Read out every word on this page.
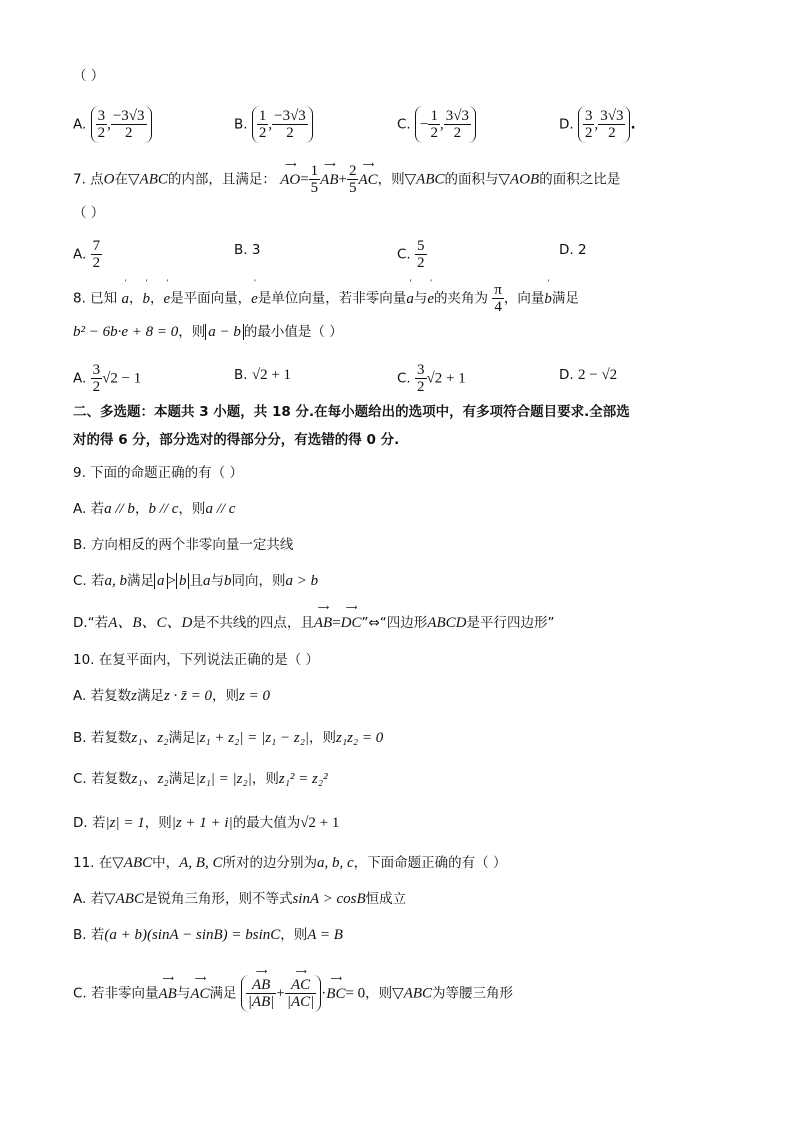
（ ）
A. $\frac{3}{2}$ , $\frac{-3√3}{2}$	B. $\frac{1}{2}$ , $\frac{-3√3}{2}$	C. − $\frac{1}{2}$ , $\frac{3√3}{2}$	D. $\frac{3}{2}$ , $\frac{3√3}{2}$ .
7. 点O在▽ABC的内部，且满足：
⟶
$AO= \frac{1}{5}$ ⟶
$AB+ \frac{2}{5}$ ⟶
AC，则▽ABC的面积与▽AOB的面积之比是
（ ）
A. $\frac{7}{2}$	B. 3	C. $\frac{5}{2}$	D. 2
8. 已知
ʹ
a，
ʹ
b，
ʹ
e是平面向量，
ʹ
e是单位向量，若非零向量
ʹ
a与
ʹ
e的夹角为 $\frac{\pi}{4}$ ，向量
ʹ
b满足
b² − 6b·e + 8 = 0，则 a − b 的最小值是（ ）
A. $\frac{3}{2} √2 - 1$	B. √2 + 1	C. $\frac{3}{2} √2 + 1$	D. 2 − √2
二、多选题：本题共 3 小题，共 18 分.在每小题给出的选项中，有多项符合题目要求.全部选
对的得 6 分，部分选对的得部分分，有选错的得 0 分.
9. 下面的命题正确的有（ ）
A. 若a // b，b // c，则a // c
B. 方向相反的两个非零向量一定共线
C. 若a, b满足 a > b 且a与b同向，则a > b
D.“若A、B、C、D是不共线的四点，且
⟶
AB=
⟶
DC”⇔“四边形ABCD是平行四边形”
10. 在复平面内，下列说法正确的是（ ）
A. 若复数z满足z · z̄ = 0，则z = 0
B. 若复数z₁、z₂满足|z₁ + z₂| = |z₁ − z₂|，则z₁z₂ = 0
C. 若复数z₁、z₂满足|z₁| = |z₂|，则z₁² = z₂²
D. 若|z| = 1，则|z + 1 + i|的最大值为√2 + 1
11. 在▽ABC中，A, B, C所对的边分别为a, b, c，下面命题正确的有（ ）
A. 若▽ABC是锐角三角形，则不等式sinA > cosB恒成立
B. 若(a + b)(sinA − sinB) = bsinC，则A = B
C. 若非零向量
⟶
AB与
⟶
AC满足 ⟶
AB
|AB| + ⟶
AC
|AC| ·
⟶
BC= 0，则▽ABC为等腰三角形
